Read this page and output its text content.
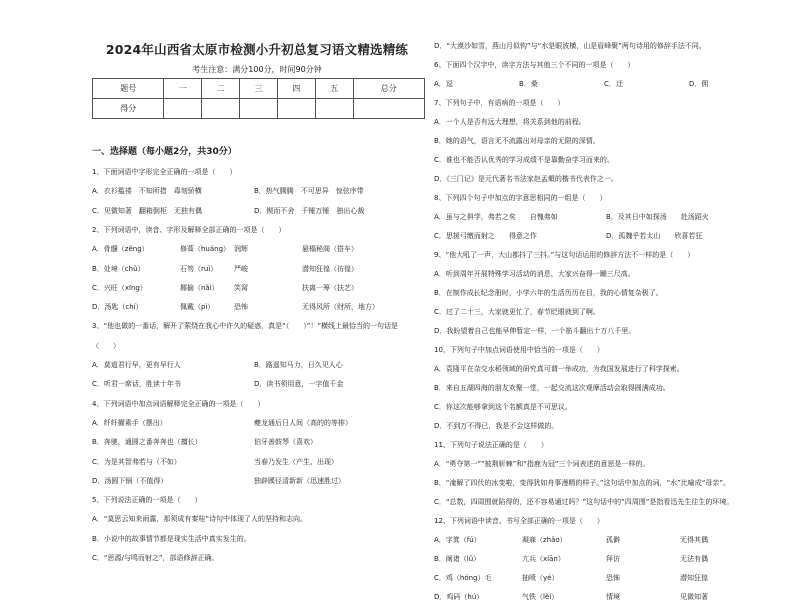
2024年山西省太原市检测小升初总复习语文精选精练
考生注意：满分100分，时间90分钟
题号	一	二	三	四	五	总分
得分						
一、选择题（每小题2分，共30分）
1、下面词语中字形完全正确的一项是（　　）
A．衣衫褴褛　不知所措　毒刻骄横	B．热气腾腾　不可思异　惊弦序带
C．见微知著　翻箱倒柜　无独有偶	D．锲而不舍　千锤万锤　独出心裁
2、下列词语中，读音、字形及解释全部正确的一项是（　　）
A．骨髓（zěng）	修葺（huáng） 润辉	悬榻秘阁（搭车）
B．处境（chǔ）	石笏（ruì） 严峻	潜知狂徨（彷徨）
C．兴旺（xīng）	揶揄（nǎi） 笑窝	扶离一筹（扶艺）
D．汤匙（chí）	佩戴（pì）	恐怖	无得风所（财所，地方）
3、“他也做的一番话，解开了萦绕在我心中许久的疑惑，真是“（　　）”！”横线上最恰当的一句话是
（　　）
A．莫道君行早，更有早行人	B．路遥知马力，日久见人心
C．听君一席话，胜读十年书	D．读书须用意，一字值千金
4、下列词语中加点词语解释完全正确的一项是（　　）
A．纤纤擢素手（摆出）	夔龙通后日人间（高的的等排）
B．奔驰，通圆之番奔奔也（擅长）	伯牙善鼓琴（喜欢）
C．为是其智弗若与（不如）	当春乃发生（产生、出现）
D．汤圆下锅（不值得）	独辟蹊径清新新（迅速胜过）
5、下列说法正确的一项是（　　）
A．“莫思云知来雨露，那须成有秦桂”诗句中体现了人的坚持和志向。
B．小说中的故事情节都是现实生活中真实发生的。
C．“思源/与鸣而射之”，部语修辞正确。
D．“大漠沙如雪，燕山月似钩”与“水是眼波横，山是眉峰聚”两句诗用的修辞手法不同。
6、下面四个汉字中，读字方法与其他三个不同的一项是（　　）
A．逗	B．桑	C．迁	D．佣
7、下列句子中，有语病的一项是（　　）
A．一个人是否有远大理想，将关系到他的前程。
B．她的语气，语言无不流露出对母亲的无限的深情。
C．谁也不能否认优秀的学习成绩不是靠勤奋学习而来的。
D．《三门记》是元代著名书法家赵孟頫的楷书代表作之一。
8、下列四个句子中加点的字意思相同的一组是（　　）
A．虽与之俱学，弗若之矣　　自愧弗如	B．及其日中如探汤　　赴汤蹈火
C．思援弓缴而射之　　得意之作	D．孤魏乎若太山　　欣喜若狂
9、“他大吼了一声，大山都抖了三抖。”与这句话运用的修辞方法不一样的是（　　）
A．听到周年开展特殊学习活动的消息，大家兴奋得一蹦三尺高。
B．在制作成长纪念册时，小学六年的生活历历在目，我的心情复杂极了。
C．过了二十三，大家就更忙了，春节眨眼就到了啊。
D．我盼望着自己也能早伸暂定一样，一个筋斗翻出十万八千里。
10、下列句子中加点词语使用中恰当的一项是（　　）
A．袁隆平在杂交水稻领域的研究真可谓一举成功，为我国发展进行了科学探索。
B．来自五湖四海的朋友欢聚一堂，一起交流这次观摩活动会取得圆满成功。
C．你这次能够拿到这个名额真是不可思议。
D．不到万不得已，我是不会这样做的。
11、下列句子说法正确的是（　　）
A．“勇夺第一”“披荆斩棘”和“指鹿为冠”三个词表述的意思是一样的。
B．“淹解了四代的冰变啦，变得犹如舟事漫精的样子。”这句话中加点的词，“水”比喻成“母亲”。
C．“总数，四周围就陷得的，还不容易通过吗？”这句话中的“四周围”是指看迅先生往生的环境。
12、下列词语中读音、书写全部正确的一项是（　　）
A．字箕（fú）	凝寐（zhǎo）	孤僻	无得其偶
B．阐诸（lǔ）	亢兵（xiān）	拜访	无法有偶
C．鸡（hóng）毛	抽喷（yé）	恐怖	潜知狂徨
D．鸡码（hú）	气铁（lěi）	情境	见微知著
